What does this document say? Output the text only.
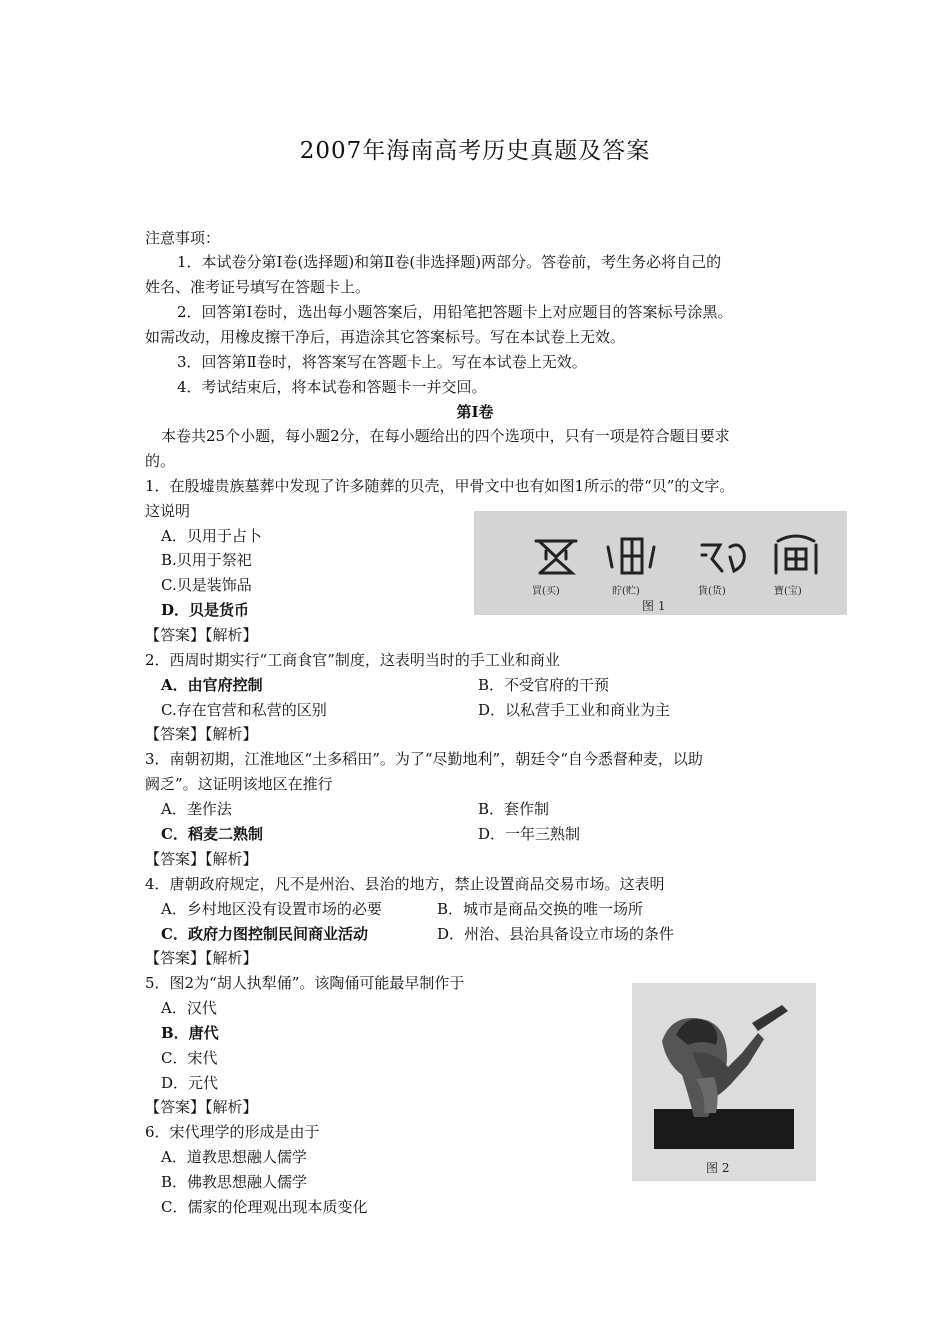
2007年海南高考历史真题及答案
注意事项：
1．本试卷分第Ⅰ卷(选择题)和第Ⅱ卷(非选择题)两部分。答卷前，考生务必将自己的
姓名、准考证号填写在答题卡上。
2．回答第Ⅰ卷时，选出每小题答案后，用铅笔把答题卡上对应题目的答案标号涂黑。
如需改动，用橡皮擦干净后，再造涂其它答案标号。写在本试卷上无效。
3．回答第Ⅱ卷时，将答案写在答题卡上。写在本试卷上无效。
4．考试结束后，将本试卷和答题卡一并交回。
第Ⅰ卷
本卷共25个小题，每小题2分，在每小题给出的四个选项中，只有一项是符合题目要求
的。
1．在殷墟贵族墓葬中发现了许多随葬的贝壳，甲骨文中也有如图1所示的带“贝”的文字。
这说明
A．贝用于占卜
B.贝用于祭祀
C.贝是装饰品
D．贝是货币
【答案】【解析】
買(买)	貯(贮)	貨(货)	寶(宝)
图 1
2．西周时期实行“工商食官”制度，这表明当时的手工业和商业
A．由官府控制	B．不受官府的干预
C.存在官营和私营的区别	D．以私营手工业和商业为主
【答案】【解析】
3．南朝初期，江淮地区“土多稻田”。为了“尽勤地利”，朝廷令“自今悉督种麦，以助
阙乏”。这证明该地区在推行
A．垄作法	B．套作制
C．稻麦二熟制	D．一年三熟制
【答案】【解析】
4．唐朝政府规定，凡不是州治、县治的地方，禁止设置商品交易市场。这表明
A．乡村地区没有设置市场的必要	B．城市是商品交换的唯一场所
C．政府力图控制民间商业活动	D．州治、县治具备设立市场的条件
【答案】【解析】
5．图2为“胡人执犁俑”。该陶俑可能最早制作于
A．汉代
B．唐代
C．宋代
D．元代
【答案】【解析】
图 2
6．宋代理学的形成是由于
A．道教思想融人儒学
B．佛教思想融人儒学
C．儒家的伦理观出现本质变化
